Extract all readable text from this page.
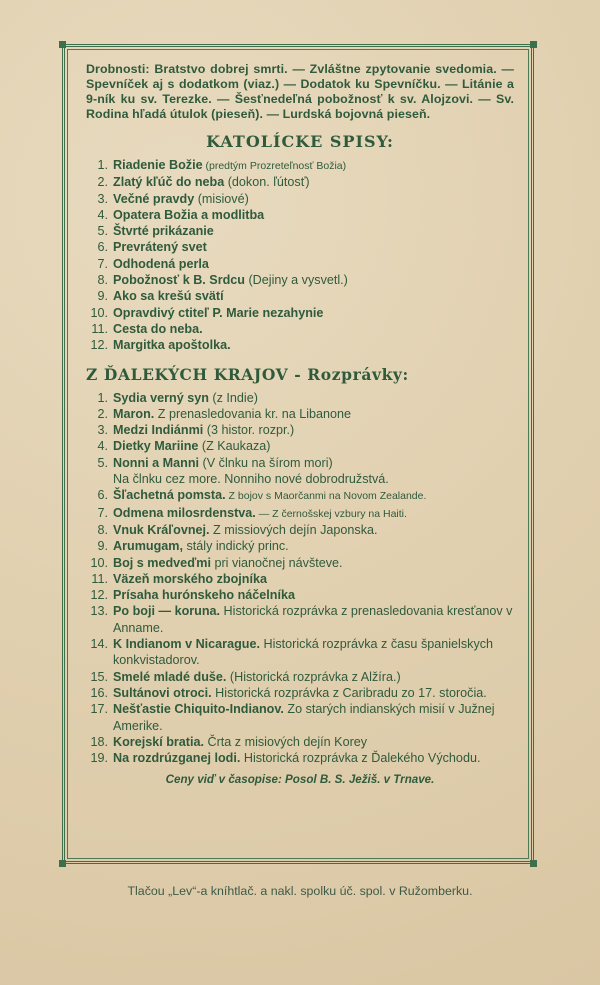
Drobnosti: Bratstvo dobrej smrti. — Zvláštne zpytovanie svedomia. — Spevníček aj s dodatkom (viaz.) — Dodatok ku Spevníčku. — Litánie a 9-ník ku sv. Terezke. — Šesťnedeľná pobožnosť k sv. Alojzovi. — Sv. Rodina hľadá útulok (pieseň). — Lurdská bojovná pieseň.

KATOLÍCKE SPISY:
1. Riadenie Božie (predtým Prozreteľnosť Božia)
2. Zlatý kľúč do neba (dokon. ľútosť)
3. Večné pravdy (misiové)
4. Opatera Božia a modlitba
5. Štvrté prikázanie
6. Prevrátený svet
7. Odhodená perla
8. Pobožnosť k B. Srdcu (Dejiny a vysvetl.)
9. Ako sa krešú svätí
10. Opravdivý ctiteľ P. Marie nezahynie
11. Cesta do neba.
12. Margitka apoštolka.
Z ĎALEKÝCH KRAJOV - Rozprávky:
1. Sydia verný syn (z Indie)
2. Maron. Z prenasledovania kr. na Libanone
3. Medzi Indiánmi (3 histor. rozpr.)
4. Dietky Mariine (Z Kaukaza)
5. Nonni a Manni (V člnku na šírom mori)
Na člnku cez more. Nonniho nové dobrodružstvá.
6. Šľachetná pomsta. Z bojov s Maorčanmi na Novom Zealande.
7. Odmena milosrdenstva. — Z černošskej vzbury na Haiti.
8. Vnuk Kráľovnej. Z missiových dejín Japonska.
9. Arumugam, stály indický princ.
10. Boj s medveďmi pri vianočnej návšteve.
11. Väzeň morského zbojníka
12. Prísaha hurónskeho náčelníka
13. Po boji — koruna. Historická rozprávka z prenasledovania kresťanov v Annamе.
14. K Indianom v Nicarague. Historická rozprávka z času španielskych konkvistadorov.
15. Smelé mladé duše. (Historická rozprávka z Alžíra.)
16. Sultánovi otroci. Historická rozprávka z Caribradu zo 17. storočia.
17. Nešťastie Chiquito-Indianov. Zo starých indianských misií v Južnej Amerike.
18. Korejskí bratia. Črta z misiových dejín Korey
19. Na rozdrúzganej lodi. Historická rozprávka z Ďalekého Východu.
Ceny viď v časopise: Posol B. S. Ježiš. v Trnave.
Tlačou „Lev“-a kníhtlač. a nakl. spolku úč. spol. v Ružomberku.
